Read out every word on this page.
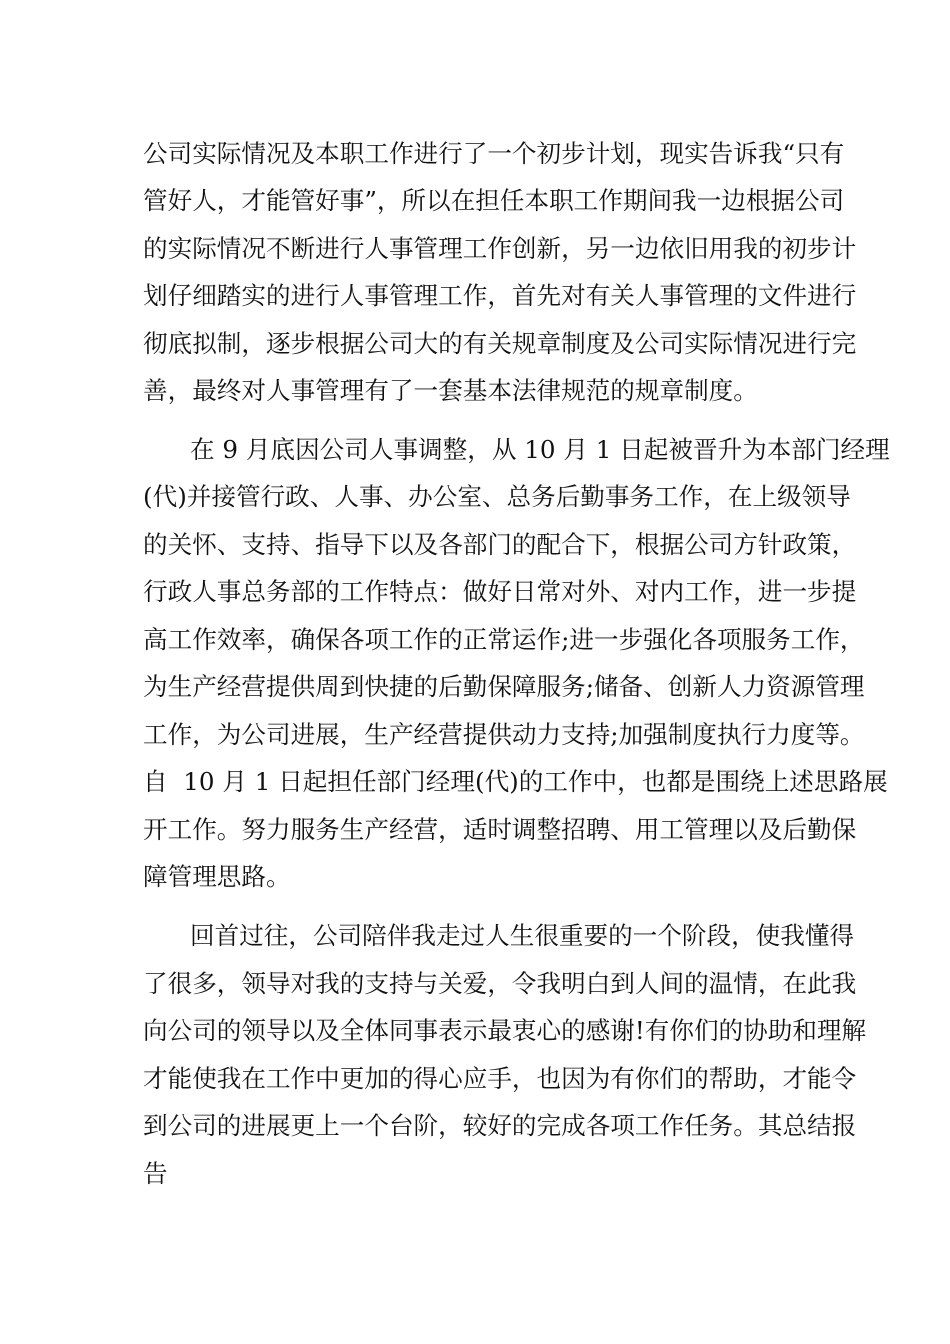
公司实际情况及本职工作进行了一个初步计划，现实告诉我“只有

管好人，才能管好事”，所以在担任本职工作期间我一边根据公司

的实际情况不断进行人事管理工作创新，另一边依旧用我的初步计

划仔细踏实的进行人事管理工作，首先对有关人事管理的文件进行

彻底拟制，逐步根据公司大的有关规章制度及公司实际情况进行完

善，最终对人事管理有了一套基本法律规范的规章制度。

在 9 月底因公司人事调整，从 10 月 1 日起被晋升为本部门经理

(代)并接管行政、人事、办公室、总务后勤事务工作，在上级领导

的关怀、支持、指导下以及各部门的配合下，根据公司方针政策，

行政人事总务部的工作特点：做好日常对外、对内工作，进一步提

高工作效率，确保各项工作的正常运作;进一步强化各项服务工作，

为生产经营提供周到快捷的后勤保障服务;储备、创新人力资源管理

工作，为公司进展，生产经营提供动力支持;加强制度执行力度等。

自  10 月 1 日起担任部门经理(代)的工作中，也都是围绕上述思路展

开工作。努力服务生产经营，适时调整招聘、用工管理以及后勤保

障管理思路。

回首过往，公司陪伴我走过人生很重要的一个阶段，使我懂得

了很多，领导对我的支持与关爱，令我明白到人间的温情，在此我

向公司的领导以及全体同事表示最衷心的感谢!有你们的协助和理解

才能使我在工作中更加的得心应手，也因为有你们的帮助，才能令

到公司的进展更上一个台阶，较好的完成各项工作任务。其总结报

告
